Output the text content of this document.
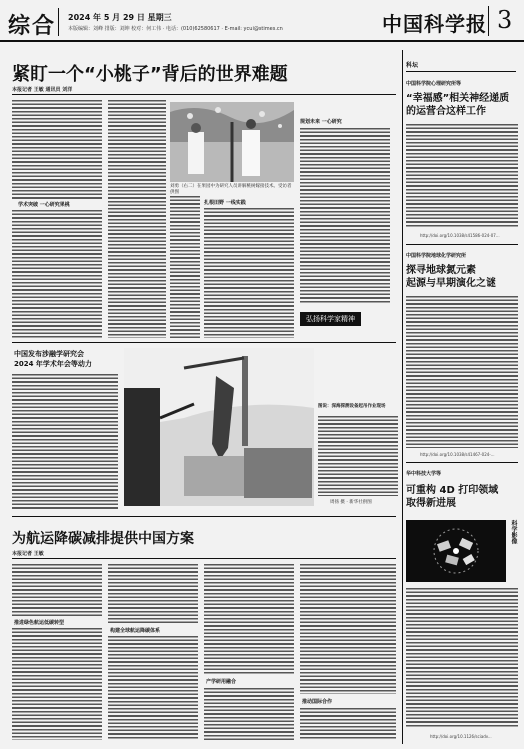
综合 2024 年 5 月 29 日 星期三
本版编辑：刘峰 排版：刘坤 校对：何工伟 · 电话：(010)62580617 · E-mail: ycui@stimes.cn	中国科学报 3
紧盯一个“小桃子”背后的世界难题
本报记者 王敏 通讯员 刘洋
学术突破 一心研究果桃
刘勇（右二）在果园中为研究人员讲解桃树嫁接技术。受访者供图
扎根田野 一线实践
规划未来 一心研究
弘扬科学家精神
中国发布涉融学研究会
2024 年学术年会等动力
图说：深海探测设备起吊作业现场
周扬 摄 · 新华社供图
为航运降碳减排提供中国方案
本报记者 王敏
推进绿色航运低碳转型
构建全球航运降碳体系
产学研用融合
推动国际合作
科坛
中国科学院心理研究所等
“幸福感”相关神经递质
的运营合这样工作
http://doi.org/10.1038/s41586-024-07...
中国科学院地球化学研究所
探寻地球氮元素
起源与早期演化之谜
http://doi.org/10.1038/s41467-024-...
华中科技大学等
可重构 4D 打印领域
取得新进展
科学影像
http://doi.org/10.1126/sciadv...
